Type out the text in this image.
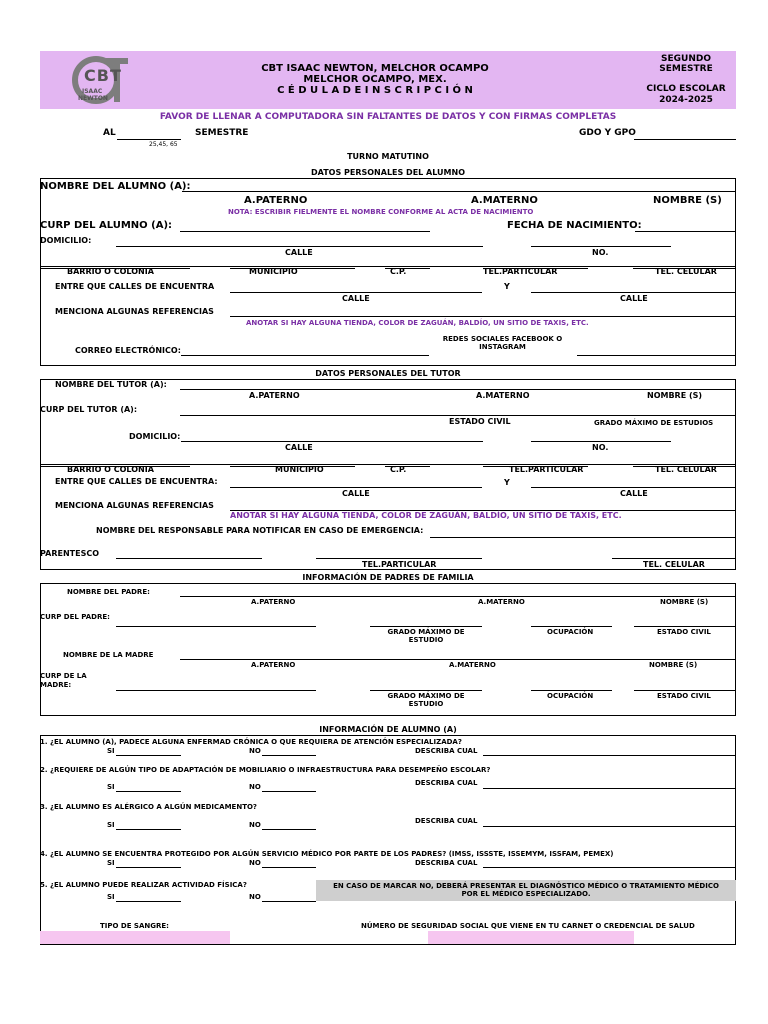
CBT
ISAAC
NEWTON
CBT ISAAC NEWTON, MELCHOR OCAMPO
MELCHOR OCAMPO, MEX.
C É D U L A D E I N S C R I P C I Ó N
SEGUNDO
SEMESTRE
CICLO ESCOLAR
2024-2025
FAVOR DE LLENAR A COMPUTADORA SIN FALTANTES DE DATOS Y CON FIRMAS COMPLETAS
AL
25,45, 65
SEMESTRE	GDO Y GPO
TURNO MATUTINO
DATOS PERSONALES DEL ALUMNO
NOMBRE DEL ALUMNO (A):
A.PATERNO	A.MATERNO	NOMBRE (S)
NOTA: ESCRIBIR FIELMENTE EL NOMBRE CONFORME AL ACTA DE NACIMIENTO
CURP DEL ALUMNO (A):	FECHA DE NACIMIENTO:
DOMICILIO:
CALLE	NO.
BARRIO O COLONIA	MUNICIPIO	C.P.	TEL.PARTICULAR	TEL. CELULAR
ENTRE QUE CALLES DE ENCUENTRA	Y
CALLE	CALLE
MENCIONA ALGUNAS REFERENCIAS
ANOTAR SI HAY ALGUNA TIENDA, COLOR DE ZAGUÁN, BALDÍO, UN SITIO DE TAXIS, ETC.
CORREO ELECTRÓNICO:
REDES SOCIALES FACEBOOK O
INSTAGRAM
DATOS PERSONALES DEL TUTOR
NOMBRE DEL TUTOR (A):
A.PATERNO	A.MATERNO	NOMBRE (S)
CURP DEL TUTOR (A):
ESTADO CIVIL	GRADO MÁXIMO DE ESTUDIOS
DOMICILIO:
CALLE	NO.
BARRIO O COLONIA	MUNICIPIO	C.P.	TEL.PARTICULAR	TEL. CELULAR
ENTRE QUE CALLES DE ENCUENTRA:	Y
CALLE	CALLE
MENCIONA ALGUNAS REFERENCIAS
ANOTAR SI HAY ALGUNA TIENDA, COLOR DE ZAGUÁN, BALDÍO, UN SITIO DE TAXIS, ETC.
NOMBRE DEL RESPONSABLE PARA NOTIFICAR EN CASO DE EMERGENCIA:
PARENTESCO
TEL.PARTICULAR	TEL. CELULAR
INFORMACIÓN DE PADRES DE FAMILIA
NOMBRE DEL PADRE:
A.PATERNO	A.MATERNO	NOMBRE (S)
CURP DEL PADRE:
GRADO MÁXIMO DE
ESTUDIO
OCUPACIÓN	ESTADO CIVIL
NOMBRE DE LA MADRE
A.PATERNO	A.MATERNO	NOMBRE (S)
CURP DE LA
MADRE:
GRADO MÁXIMO DE
ESTUDIO
OCUPACIÓN	ESTADO CIVIL
INFORMACIÓN DE ALUMNO (A)
1. ¿EL ALUMNO (A), PADECE ALGUNA ENFERMAD CRÓNICA O QUE REQUIERA DE ATENCIÓN ESPECIALIZADA?
SI	NO	DESCRIBA CUAL
2. ¿REQUIERE DE ALGÚN TIPO DE ADAPTACIÓN DE MOBILIARIO O INFRAESTRUCTURA PARA DESEMPEÑO ESCOLAR?
SI	NO	DESCRIBA CUAL
3. ¿EL ALUMNO ES ALÉRGICO A ALGÚN MEDICAMENTO?
SI	NO	DESCRIBA CUAL
4. ¿EL ALUMNO SE ENCUENTRA PROTEGIDO POR ALGÚN SERVICIO MÉDICO POR PARTE DE LOS PADRES? (IMSS, ISSSTE, ISSEMYM, ISSFAM, PEMEX)
SI	NO	DESCRIBA CUAL
5. ¿EL ALUMNO PUEDE REALIZAR ACTIVIDAD FÍSICA?
SI	NO
EN CASO DE MARCAR NO, DEBERÁ PRESENTAR EL DIAGNÓSTICO MÉDICO O TRATAMIENTO MÉDICO
POR EL MÉDICO ESPECIALIZADO.
TIPO DE SANGRE:	NÚMERO DE SEGURIDAD SOCIAL QUE VIENE EN TU CARNET O CREDENCIAL DE SALUD
